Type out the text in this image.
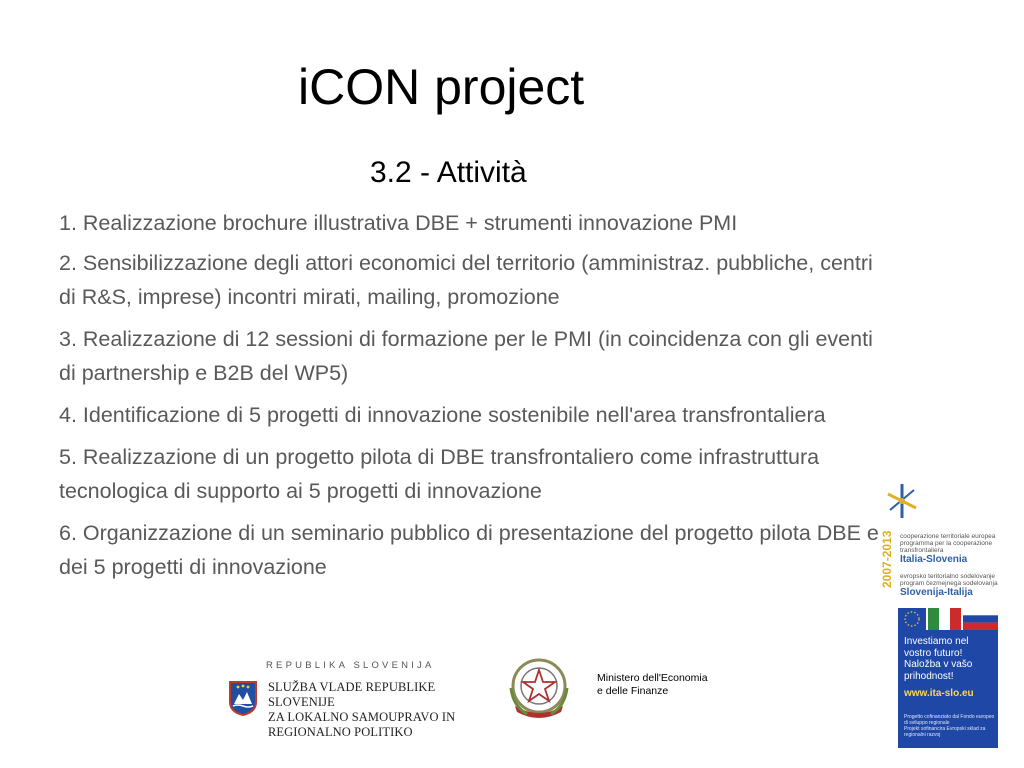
iCON project
3.2 - Attività
1. Realizzazione brochure illustrativa DBE + strumenti innovazione PMI
2. Sensibilizzazione degli attori economici del territorio (amministraz. pubbliche, centri di R&S, imprese) incontri mirati, mailing, promozione
3. Realizzazione di 12 sessioni di formazione per le PMI (in coincidenza con gli eventi di partnership e B2B del WP5)
4. Identificazione di 5 progetti di innovazione sostenibile nell'area transfrontaliera
5. Realizzazione di un progetto pilota di DBE transfrontaliero come infrastruttura tecnologica di supporto ai 5 progetti di innovazione
6. Organizzazione di un seminario pubblico di presentazione del progetto pilota DBE e dei 5 progetti di innovazione
REPUBLIKA SLOVENIJA
SLUŽBA VLADE REPUBLIKE SLOVENIJE
ZA LOKALNO SAMOUPRAVO IN
REGIONALNO POLITIKO
Ministero dell'Economia
e delle Finanze
2007-2013 cooperazione territoriale europea
programma per la cooperazione
transfrontaliera

Italia-Slovenia

evropsko teritorialno sodelovanje
program čezmejnega sodelovanja

Slovenija-Italija

Investiamo nel
vostro futuro!
Naložba v vašo
prihodnost!
www.ita-slo.eu
Progetto cofinanziato dal Fondo europeo di sviluppo regionale
Projekt sofinancira Evropski sklad za regionalni razvoj
